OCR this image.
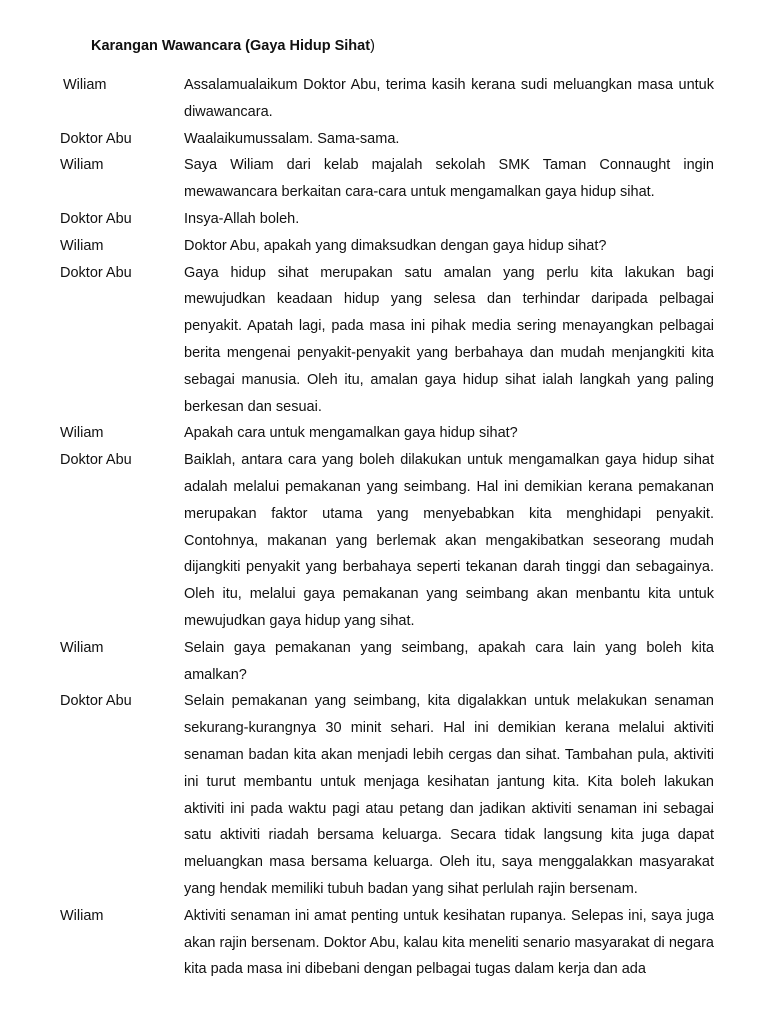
Karangan Wawancara (Gaya Hidup Sihat)
Wiliam	Assalamualaikum Doktor Abu, terima kasih kerana sudi meluangkan masa untuk diwawancara.
Doktor Abu	Waalaikumussalam. Sama-sama.
Wiliam	Saya Wiliam dari kelab majalah sekolah SMK Taman Connaught ingin mewawancara berkaitan cara-cara untuk mengamalkan gaya hidup sihat.
Doktor Abu	Insya-Allah boleh.
Wiliam	Doktor Abu, apakah yang dimaksudkan dengan gaya hidup sihat?
Doktor Abu	Gaya hidup sihat merupakan satu amalan yang perlu kita lakukan bagi mewujudkan keadaan hidup yang selesa dan terhindar daripada pelbagai penyakit. Apatah lagi, pada masa ini pihak media sering menayangkan pelbagai berita mengenai penyakit-penyakit yang berbahaya dan mudah menjangkiti kita sebagai manusia. Oleh itu, amalan gaya hidup sihat ialah langkah yang paling berkesan dan sesuai.
Wiliam	Apakah cara untuk mengamalkan gaya hidup sihat?
Doktor Abu	Baiklah, antara cara yang boleh dilakukan untuk mengamalkan gaya hidup sihat adalah melalui pemakanan yang seimbang. Hal ini demikian kerana pemakanan merupakan faktor utama yang menyebabkan kita menghidapi penyakit. Contohnya, makanan yang berlemak akan mengakibatkan seseorang mudah dijangkiti penyakit yang berbahaya seperti tekanan darah tinggi dan sebagainya. Oleh itu, melalui gaya pemakanan yang seimbang akan menbantu kita untuk mewujudkan gaya hidup yang sihat.
Wiliam	Selain gaya pemakanan yang seimbang, apakah cara lain yang boleh kita amalkan?
Doktor Abu	Selain pemakanan yang seimbang, kita digalakkan untuk melakukan senaman sekurang-kurangnya 30 minit sehari. Hal ini demikian kerana melalui aktiviti senaman badan kita akan menjadi lebih cergas dan sihat. Tambahan pula, aktiviti ini turut membantu untuk menjaga kesihatan jantung kita. Kita boleh lakukan aktiviti ini pada waktu pagi atau petang dan jadikan aktiviti senaman ini sebagai satu aktiviti riadah bersama keluarga. Secara tidak langsung kita juga dapat meluangkan masa bersama keluarga. Oleh itu, saya menggalakkan masyarakat yang hendak memiliki tubuh badan yang sihat perlulah rajin bersenam.
Wiliam	Aktiviti senaman ini amat penting untuk kesihatan rupanya. Selepas ini, saya juga akan rajin bersenam. Doktor Abu, kalau kita meneliti senario masyarakat di negara kita pada masa ini dibebani dengan pelbagai tugas dalam kerja dan ada
